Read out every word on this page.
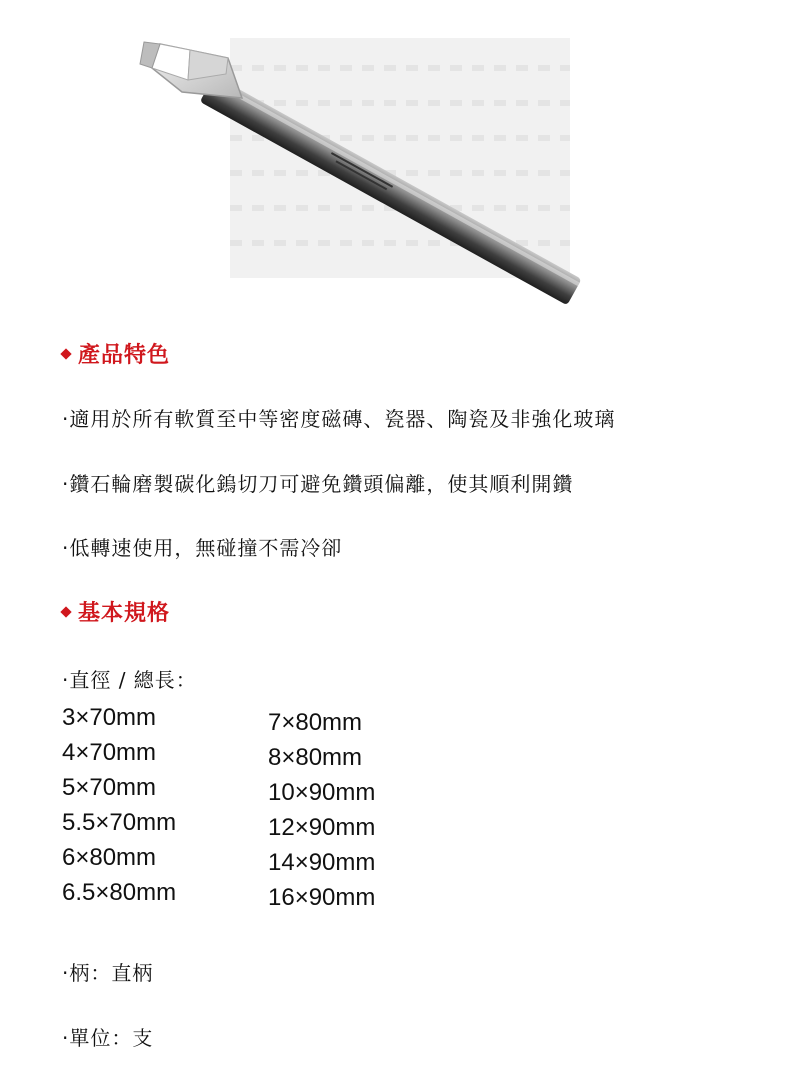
產品特色
·適用於所有軟質至中等密度磁磚、瓷器、陶瓷及非強化玻璃
·鑽石輪磨製碳化鎢切刀可避免鑽頭偏離，使其順利開鑽
·低轉速使用，無碰撞不需冷卻
基本規格
·直徑 / 總長：
3×70mm
4×70mm
5×70mm
5.5×70mm
6×80mm
6.5×80mm
7×80mm
8×80mm
10×90mm
12×90mm
14×90mm
16×90mm
·柄：直柄
·單位：支
